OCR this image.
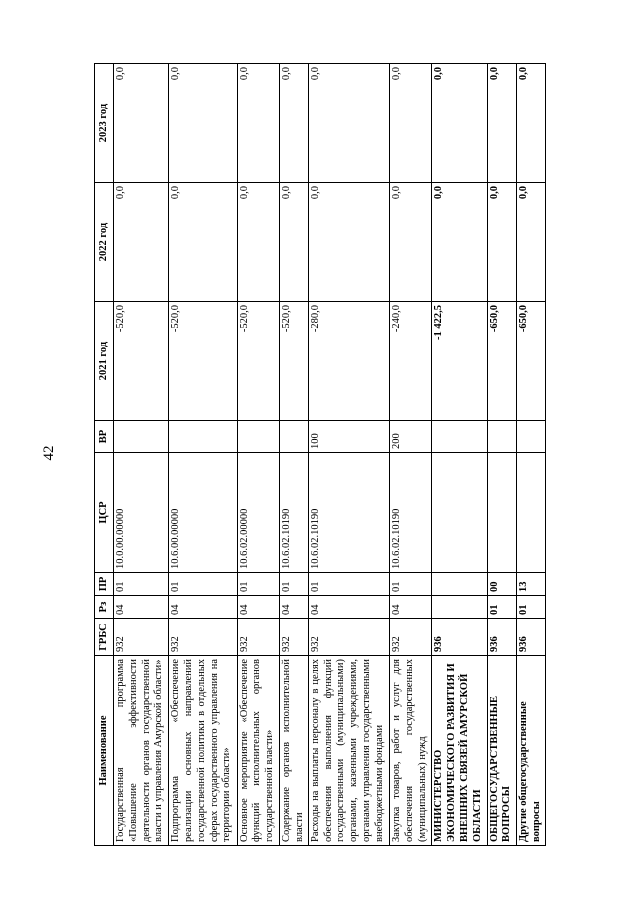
42
Наименование	ГРБС	Рз	ПР	ЦСР	ВР	2021 год	2022 год	2023 год
Государственная программа «Повышение эффективности деятельности органов государственной власти и управления Амурской области»	932	04	01	10.0.00.00000		-520,0	0,0	0,0
Подпрограмма «Обеспечение реализации основных направлений государственной политики в отдельных сферах государственного управления на территории области»	932	04	01	10.6.00.00000		-520,0	0,0	0,0
Основное мероприятие «Обеспечение функций исполнительных органов государственной власти»	932	04	01	10.6.02.00000		-520,0	0,0	0,0
Содержание органов исполнительной власти	932	04	01	10.6.02.10190		-520,0	0,0	0,0
Расходы на выплаты персоналу в целях обеспечения выполнения функций государственными (муниципальными) органами, казенными учреждениями, органами управления государственными внебюджетными фондами	932	04	01	10.6.02.10190	100	-280,0	0,0	0,0
Закупка товаров, работ и услуг для обеспечения государственных (муниципальных) нужд	932	04	01	10.6.02.10190	200	-240,0	0,0	0,0
МИНИСТЕРСТВО ЭКОНОМИЧЕСКОГО РАЗВИТИЯ И ВНЕШНИХ СВЯЗЕЙ АМУРСКОЙ ОБЛАСТИ	936					-1 422,5	0,0	0,0
ОБЩЕГОСУДАРСТВЕННЫЕ ВОПРОСЫ	936	01	00			-650,0	0,0	0,0
Другие общегосударственные вопросы	936	01	13			-650,0	0,0	0,0
